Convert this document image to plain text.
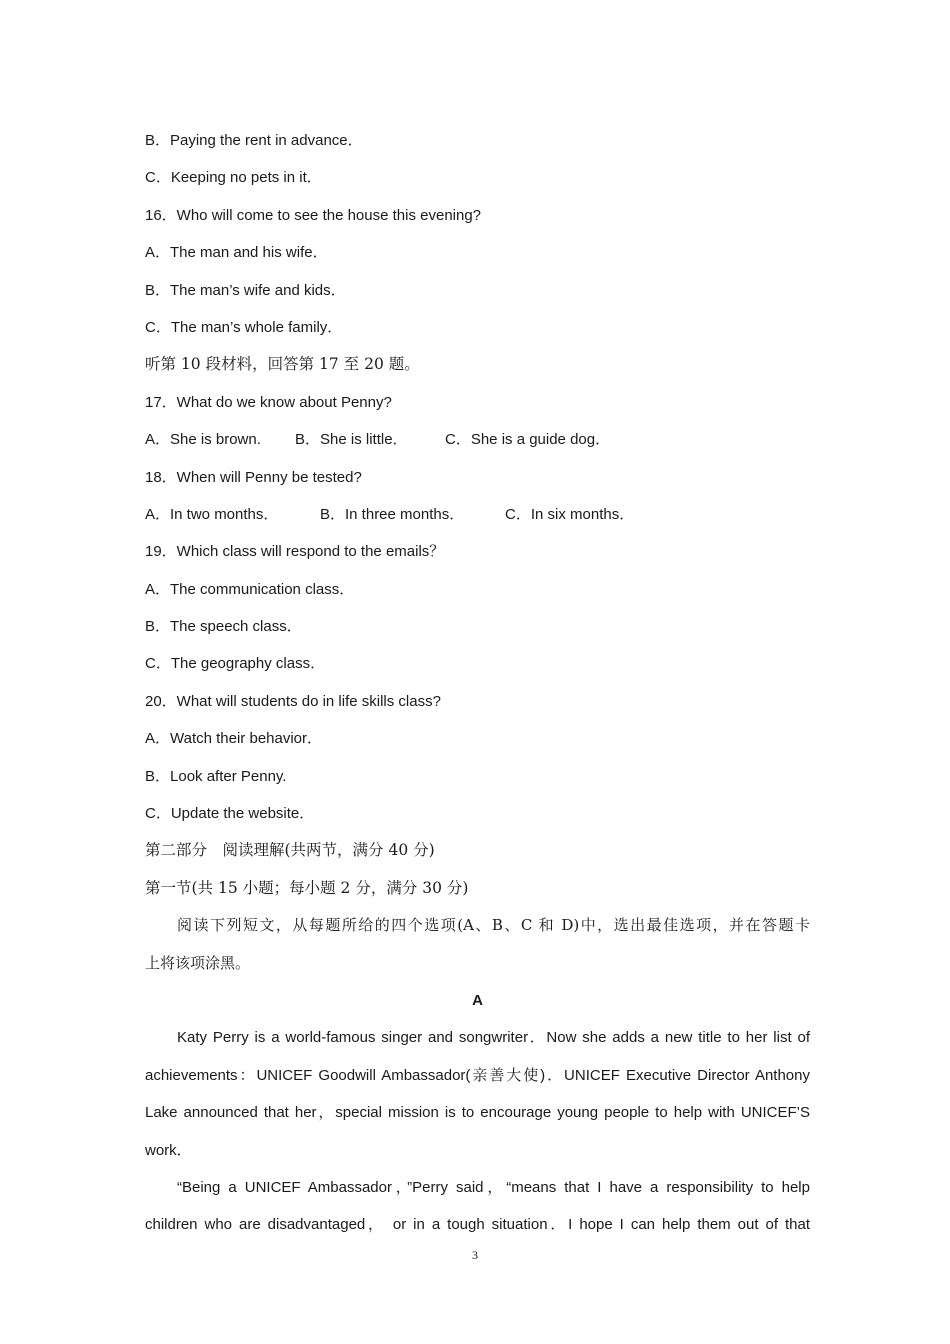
B．Paying the rent in advance．
C．Keeping no pets in it．
16．Who will come to see the house this evening?
A．The man and his wife．
B．The man’s wife and kids．
C．The man’s whole family．
听第 10 段材料，回答第 17 至 20 题。
17．What do we know about Penny?
A．She is brown.	B．She is little．	C．She is a guide dog．
18．When will Penny be tested?
A．In two months．	B．In three months．	C．In six months．
19．Which class will respond to the emails？
A．The communication class．
B．The speech class．
C．The geography class．
20．What will students do in life skills class?
A．Watch their behavior．
B．Look after Penny.
C．Update the website．
第二部分　阅读理解(共两节，满分 40 分)
第一节(共 15 小题；每小题 2 分，满分 30 分)
阅读下列短文，从每题所给的四个选项(A、B、C 和 D)中，选出最佳选项，并在答题卡
上将该项涂黑。
A
Katy Perry is a world-famous singer and songwriter．Now she adds a new title to her list of
achievements：UNICEF Goodwill Ambassador(亲善大使)．UNICEF Executive Director Anthony
Lake announced that her，special mission is to encourage young people to help with UNICEF’S
work．
“Being a UNICEF Ambassador，”Perry said，“means that I have a responsibility to help
children who are disadvantaged， or in a tough situation．I hope I can help them out of that
3
